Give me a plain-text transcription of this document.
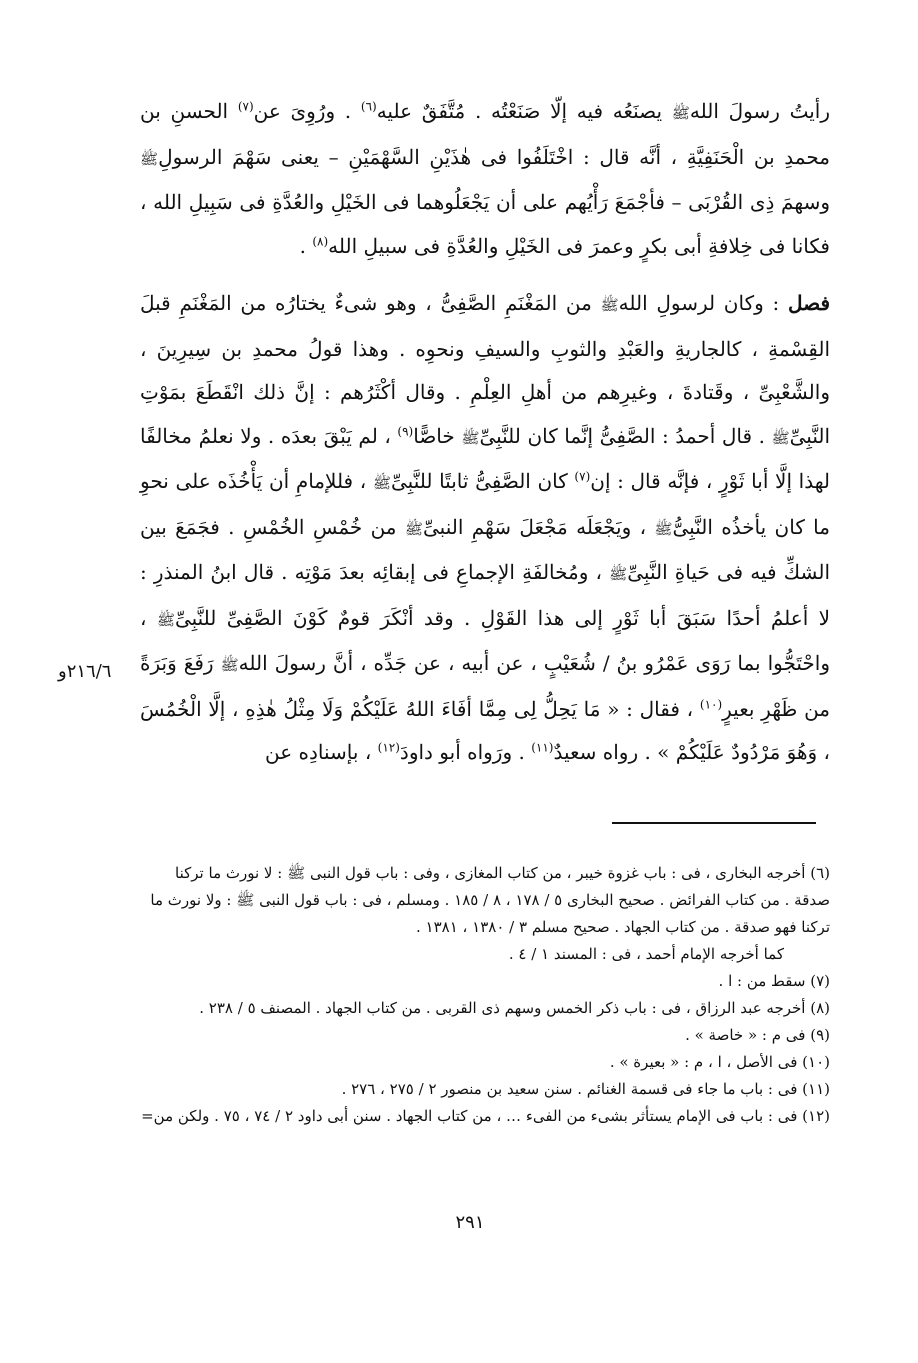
رأيتُ رسولَ اللهﷺ يصنَعُه فيه إلّا صَنَعْتُه . مُتَّفَقٌ عليه$^{(٦)}$ . ورُوِىَ عن$^{(٧)}$ الحسنِ بن محمدِ بن الْحَنَفِيَّةِ ، أنَّه قال : اخْتَلَفُوا فى هٰذَيْنِ السَّهْمَيْنِ – يعنى سَهْمَ الرسولِﷺ وسهمَ ذِى القُرْبَى – فأجْمَعَ رَأْيُهم على أن يَجْعَلُوهما فى الخَيْلِ والعُدَّةِ فى سَبِيلِ الله ، فكانا فى خِلافةِ أبى بكرٍ وعمرَ فى الخَيْلِ والعُدَّةِ فى سبيلِ الله$^{(٨)}$ .

فصل : وكان لرسولِ اللهﷺ من المَغْنَمِ الصَّفِىُّ ، وهو شىءٌ يختارُه من المَغْنَمِ قبلَ القِسْمةِ ، كالجاريةِ والعَبْدِ والثوبِ والسيفِ ونحوِه . وهذا قولُ محمدِ بن سِيرِينَ ، والشَّعْبِىِّ ، وقَتادةَ ، وغيرِهم من أهلِ العِلْمِ . وقال أكْثَرُهم : إنَّ ذلك انْقَطَعَ بمَوْتِ النَّبِىِّﷺ . قال أحمدُ : الصَّفِىُّ إنَّما كان للنَّبِىِّﷺ خاصًّا$^{(٩)}$ ، لم يَبْقَ بعدَه . ولا نعلمُ مخالفًا لهذا إلَّا أبا ثَوْرٍ ، فإنَّه قال : إن$^{(٧)}$ كان الصَّفِىُّ ثابتًا للنَّبِىِّﷺ ، فللإمامِ أن يَأْخُذَه على نحوِ ما كان يأخذُه النَّبِىُّﷺ ، ويَجْعَلَه مَجْعَلَ سَهْمِ النبىِّﷺ من خُمْسِ الخُمْسِ . فجَمَعَ بين الشكِّ فيه فى حَياةِ النَّبِىِّﷺ ، ومُخالفَةِ الإجماعِ فى إبقائِه بعدَ مَوْتِه . قال ابنُ المنذرِ : لا أعلمُ أحدًا سَبَقَ أبا ثَوْرٍ إلى هذا القَوْلِ . وقد أنْكَرَ قومٌ كَوْنَ الصَّفِىِّ للنَّبِىِّﷺ ، واحْتَجُّوا بما رَوَى عَمْرُو بنُ / شُعَيْبٍ ، عن أبيه ، عن جَدِّه ، أنَّ رسولَ اللهﷺ رَفَعَ وَبَرَةً من ظَهْرِ بعيرٍ$^{(١٠)}$ ، فقال : « مَا يَحِلُّ لِى مِمَّا أفَاءَ اللهُ عَلَيْكُمْ وَلَا مِثْلُ هٰذِهِ ، إلَّا الْخُمُسَ ، وَهُوَ مَرْدُودٌ عَلَيْكُمْ » . رواه سعيدٌ$^{(١١)}$ . ورَواه أبو داودَ$^{(١٢)}$ ، بإسنادِه عن

٢١٦/٦و

(٦) أخرجه البخارى ، فى : باب غزوة خيبر ، من كتاب المغازى ، وفى : باب قول النبى ﷺ : لا نورث ما تركنا صدقة . من كتاب الفرائض . صحيح البخارى ٥ / ١٧٨ ، ٨ / ١٨٥ . ومسلم ، فى : باب قول النبى ﷺ : ولا نورث ما تركنا فهو صدقة . من كتاب الجهاد . صحيح مسلم ٣ / ١٣٨٠ ، ١٣٨١ .

كما أخرجه الإمام أحمد ، فى : المسند ١ / ٤ .

(٧) سقط من : ا .

(٨) أخرجه عبد الرزاق ، فى : باب ذكر الخمس وسهم ذى القربى . من كتاب الجهاد . المصنف ٥ / ٢٣٨ .

(٩) فى م : « خاصة » .

(١٠) فى الأصل ، ا ، م : « بعيرة » .

(١١) فى : باب ما جاء فى قسمة الغنائم . سنن سعيد بن منصور ٢ / ٢٧٥ ، ٢٧٦ .

(١٢) فى : باب فى الإمام يستأثر بشىء من الفىء … ، من كتاب الجهاد . سنن أبى داود ٢ / ٧٤ ، ٧٥ . ولكن من=

٢٩١
